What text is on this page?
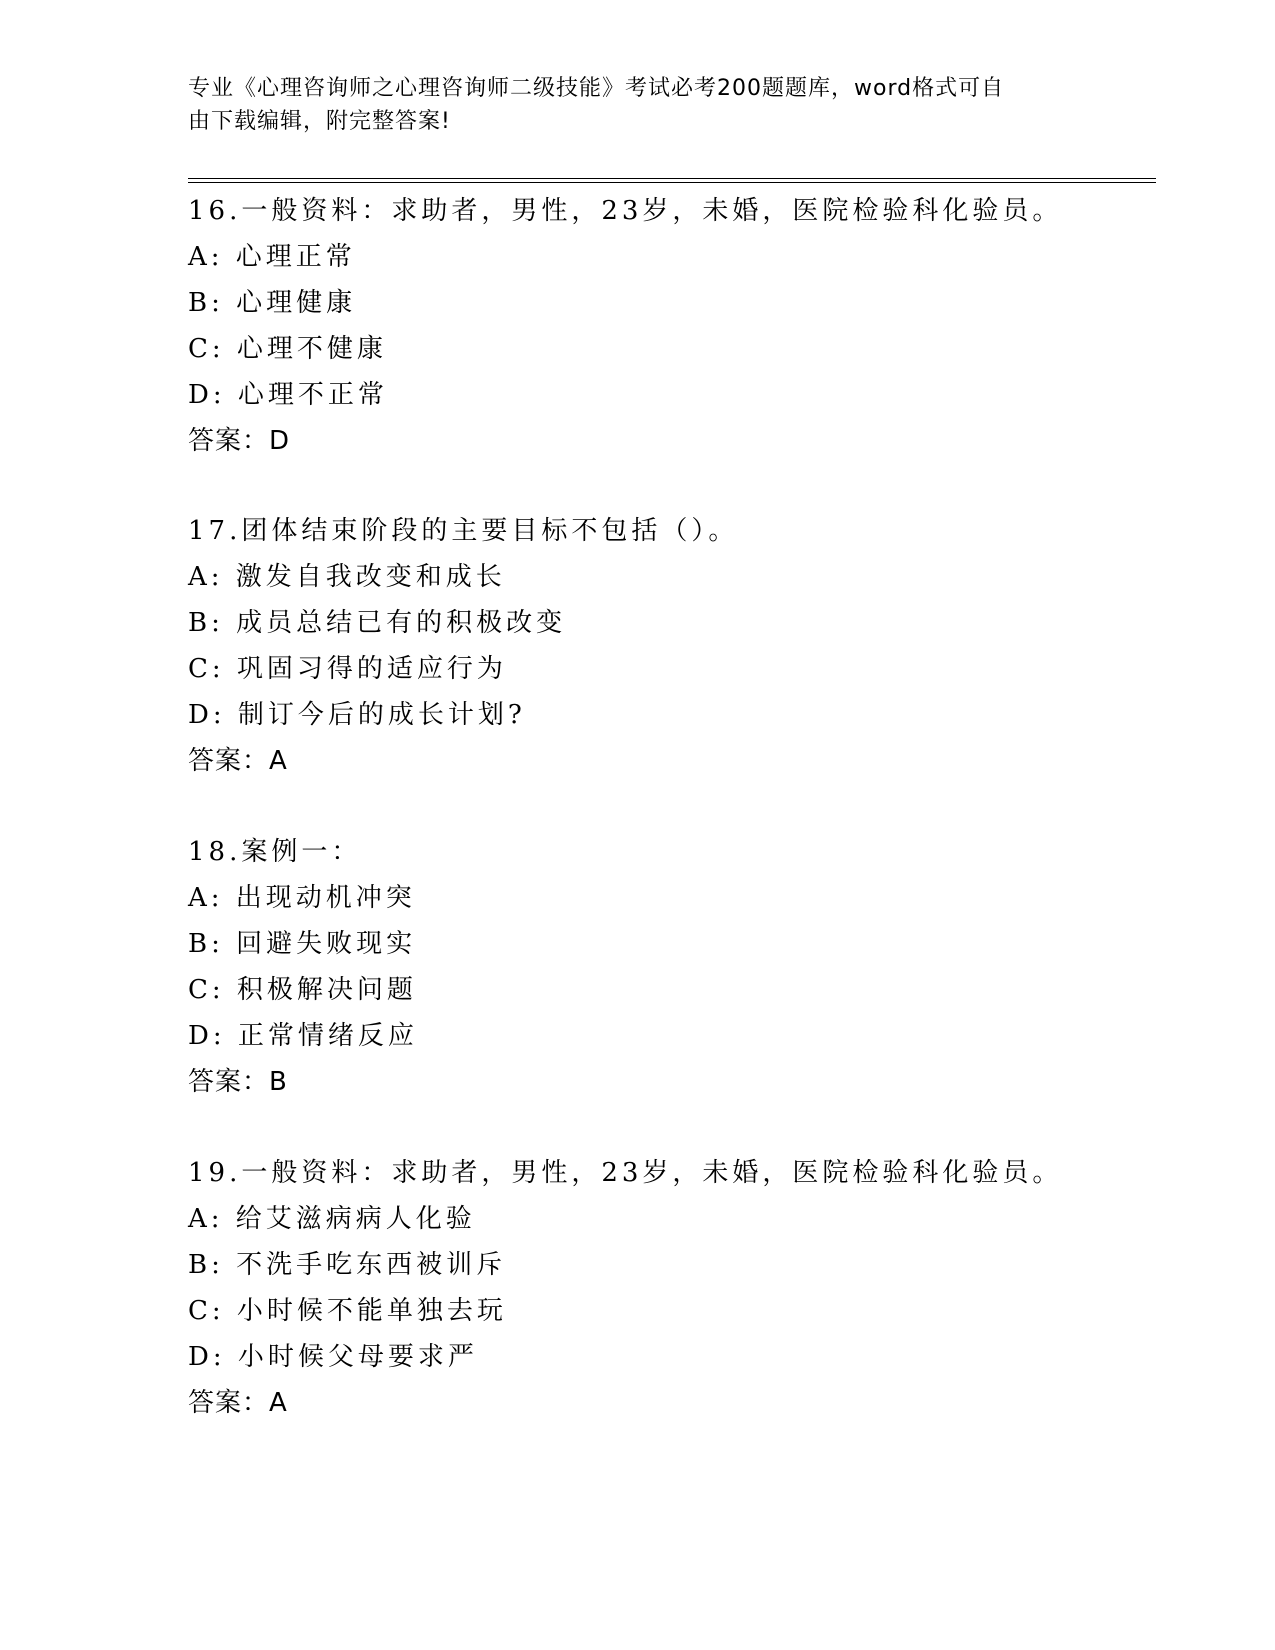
专业《心理咨询师之心理咨询师二级技能》考试必考200题题库，word格式可自
由下载编辑，附完整答案!
16.一般资料：求助者，男性，23岁，未婚，医院检验科化验员。
A: 心理正常
B: 心理健康
C: 心理不健康
D: 心理不正常
答案：D
17.团体结束阶段的主要目标不包括（）。
A: 激发自我改变和成长
B: 成员总结已有的积极改变
C: 巩固习得的适应行为
D: 制订今后的成长计划?
答案：A
18.案例一：
A: 出现动机冲突
B: 回避失败现实
C: 积极解决问题
D: 正常情绪反应
答案：B
19.一般资料：求助者，男性，23岁，未婚，医院检验科化验员。
A: 给艾滋病病人化验
B: 不洗手吃东西被训斥
C: 小时候不能单独去玩
D: 小时候父母要求严
答案：A
